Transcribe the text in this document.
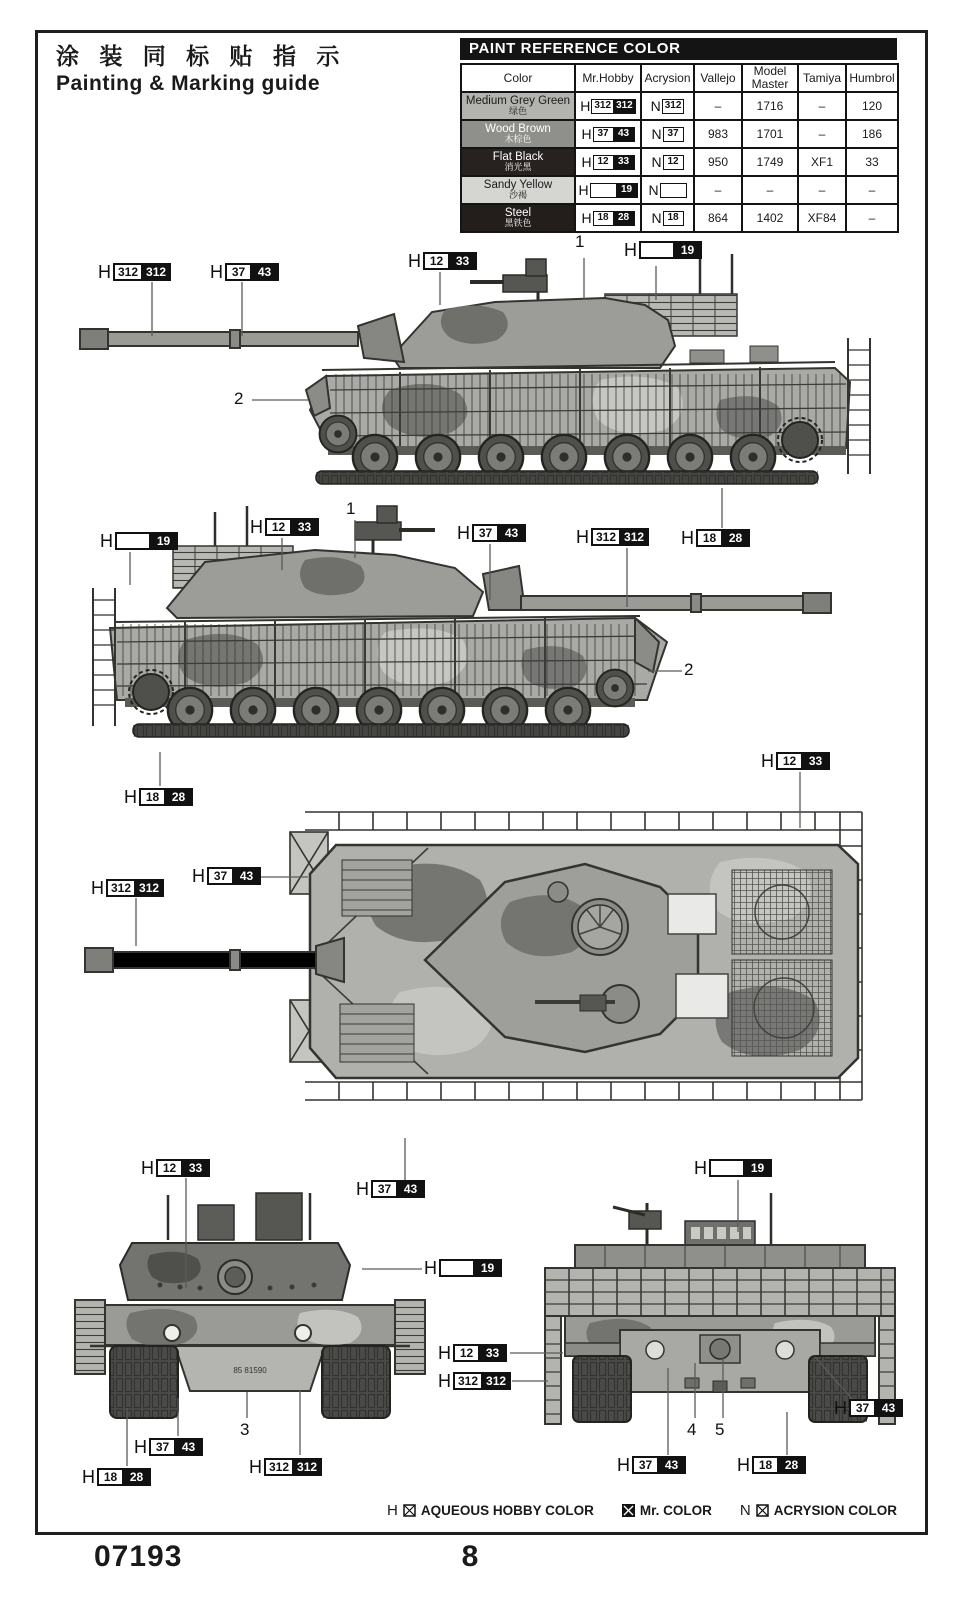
涂 装 同 标 贴 指 示
Painting & Marking guide
PAINT REFERENCE COLOR
Color	Mr.Hobby	Acrysion	Vallejo	Model Master	Tamiya	Humbrol

Medium Grey Green
绿色	H 312 312	N 312	–	1716	–	120

Wood Brown
木棕色	H 37 43	N 37	983	1701	–	186

Flat Black
消光黑	H 12 33	N 12	950	1749	XF1	33

Sandy Yellow
沙褐	H 19	N	–	–	–	–

Steel
黑铁色	H 18 28	N 18	864	1402	XF84	–
85 81590
H 312 312 H 37	43
H 12	33
H	19
H 18	28
1
2
H	19
H 12	33	H 37	43	H 312 312
H 18	28
1
2
H 12	33
H 37	43
H 312 312
H 12	33
H 37	43
H	19
H 37	43
H 312 312
H 18	28
3
H	19
H 12	33
H 312 312
H 37	43
H 37	43	H 18	28
4 5
H AQUEOUS HOBBY COLOR	Mr. COLOR N ACRYSION COLOR
07193	8
